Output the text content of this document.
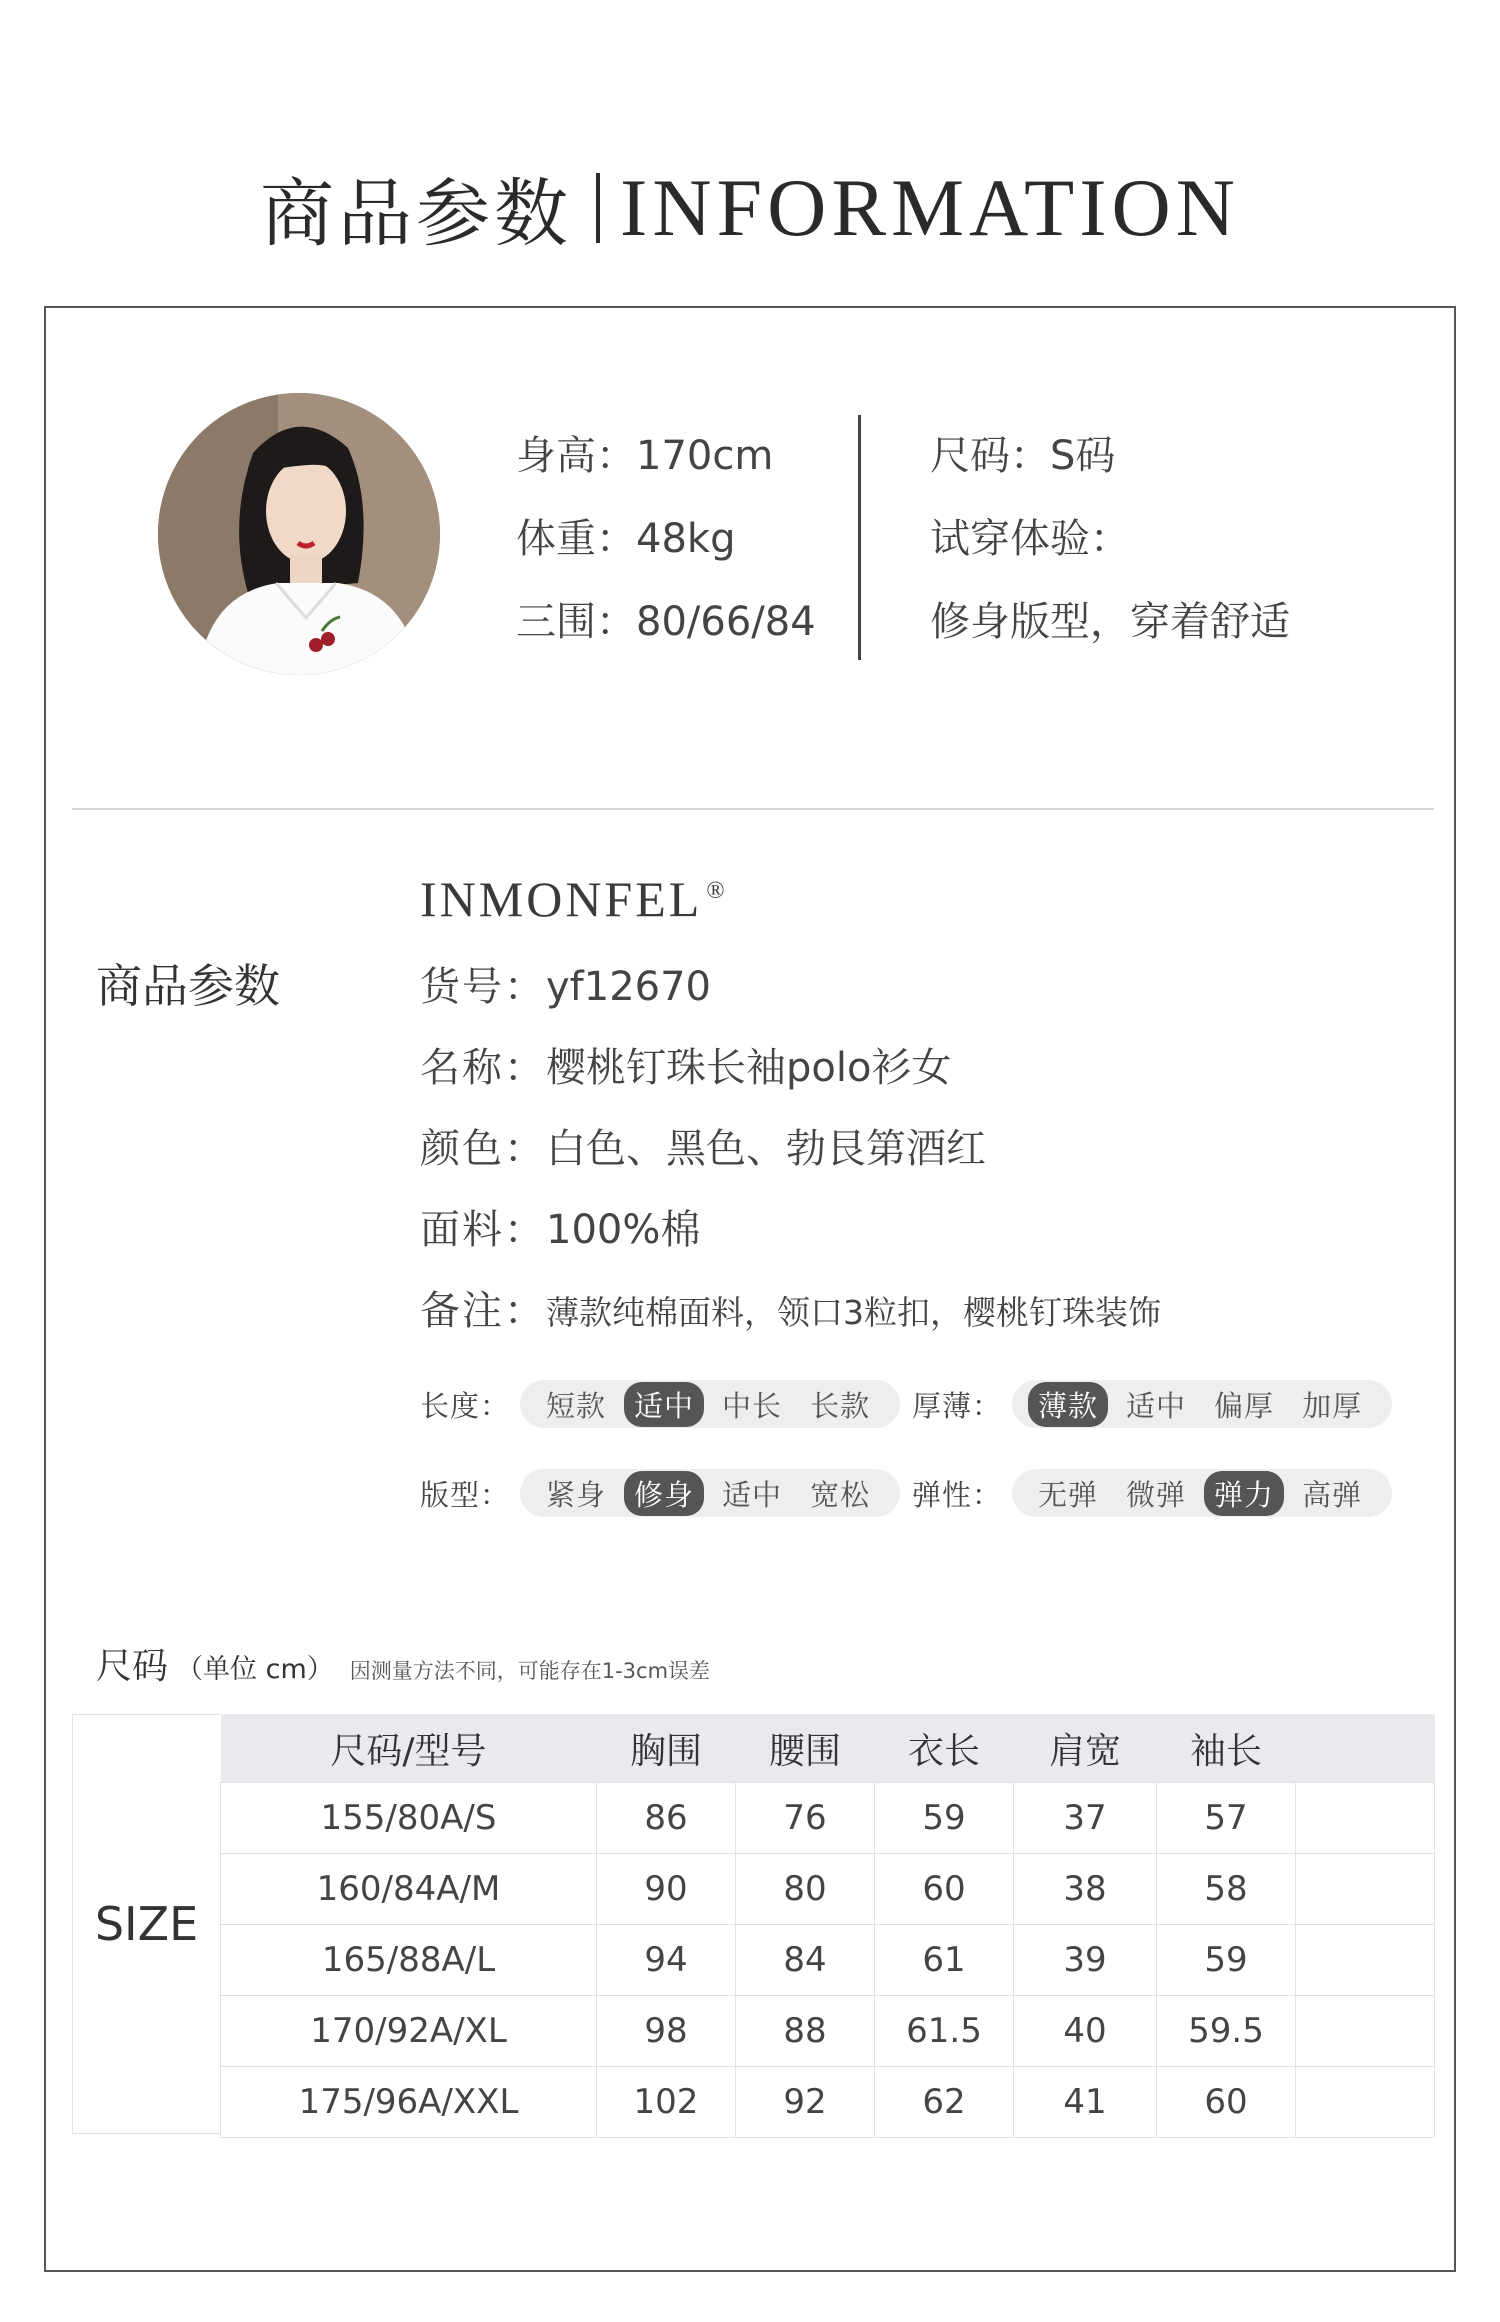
商品参数 INFORMATION
身高：170cm
体重：48kg
三围：80/66/84
尺码：S码
试穿体验：
修身版型，穿着舒适
INMONFEL ®
商品参数	货号：yf12670
名称：樱桃钉珠长袖polo衫女
颜色：白色、黑色、勃艮第酒红
面料：100%棉
备注：薄款纯棉面料，领口3粒扣，樱桃钉珠装饰
长度：	短款 适中 中长 长款	厚薄：	薄款 适中 偏厚 加厚
版型：	紧身 修身 适中 宽松	弹性：	无弹 微弹 弹力 高弹
尺码 （单位 cm） 因测量方法不同，可能存在1-3cm误差
SIZE
尺码/型号	胸围	腰围	衣长	肩宽	袖长	
155/80A/S	86	76	59	37	57	
160/84A/M	90	80	60	38	58	
165/88A/L	94	84	61	39	59	
170/92A/XL	98	88	61.5	40	59.5	
175/96A/XXL	102	92	62	41	60	
